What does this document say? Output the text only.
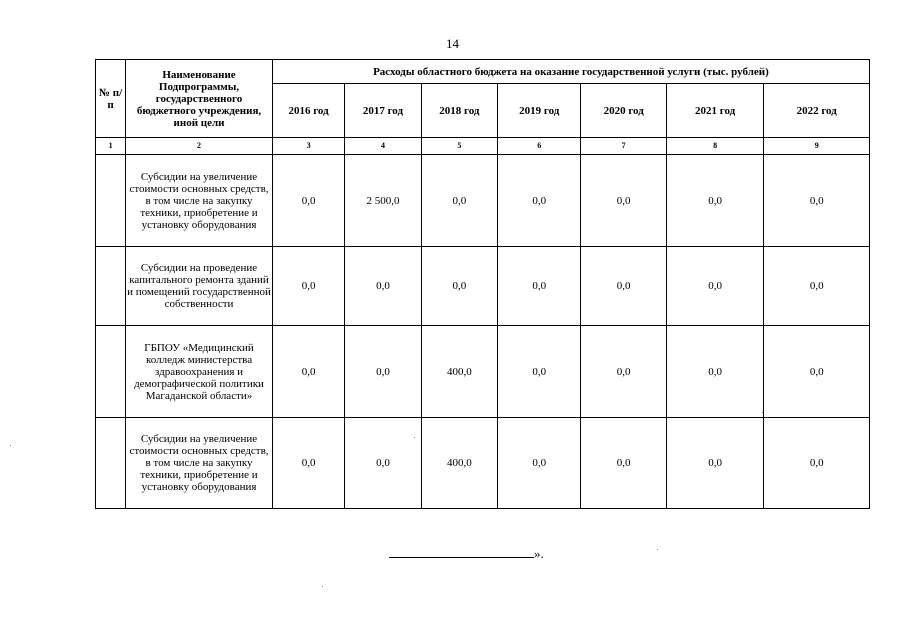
14
№ п/п	Наименование Подпрограммы, государственного бюджетного учреждения, иной цели	Расходы областного бюджета на оказание государственной услуги (тыс. рублей)						
		2016 год	2017 год	2018 год	2019 год	2020 год	2021 год	2022 год
1	2	3	4	5	6	7	8	9
	Субсидии на увеличение стоимости основных средств, в том числе на закупку техники, приобретение и установку оборудования	0,0	2 500,0	0,0	0,0	0,0	0,0	0,0
	Субсидии на проведение капитального ремонта зданий и помещений государственной собственности	0,0	0,0	0,0	0,0	0,0	0,0	0,0
	ГБПОУ «Медицинский колледж министерства здравоохранения и демографической политики Магаданской области»	0,0	0,0	400,0	0,0	0,0	0,0	0,0
	Субсидии на увеличение стоимости основных средств, в том числе на закупку техники, приобретение и установку оборудования	0,0	0,0	400,0	0,0	0,0	0,0	0,0
».
